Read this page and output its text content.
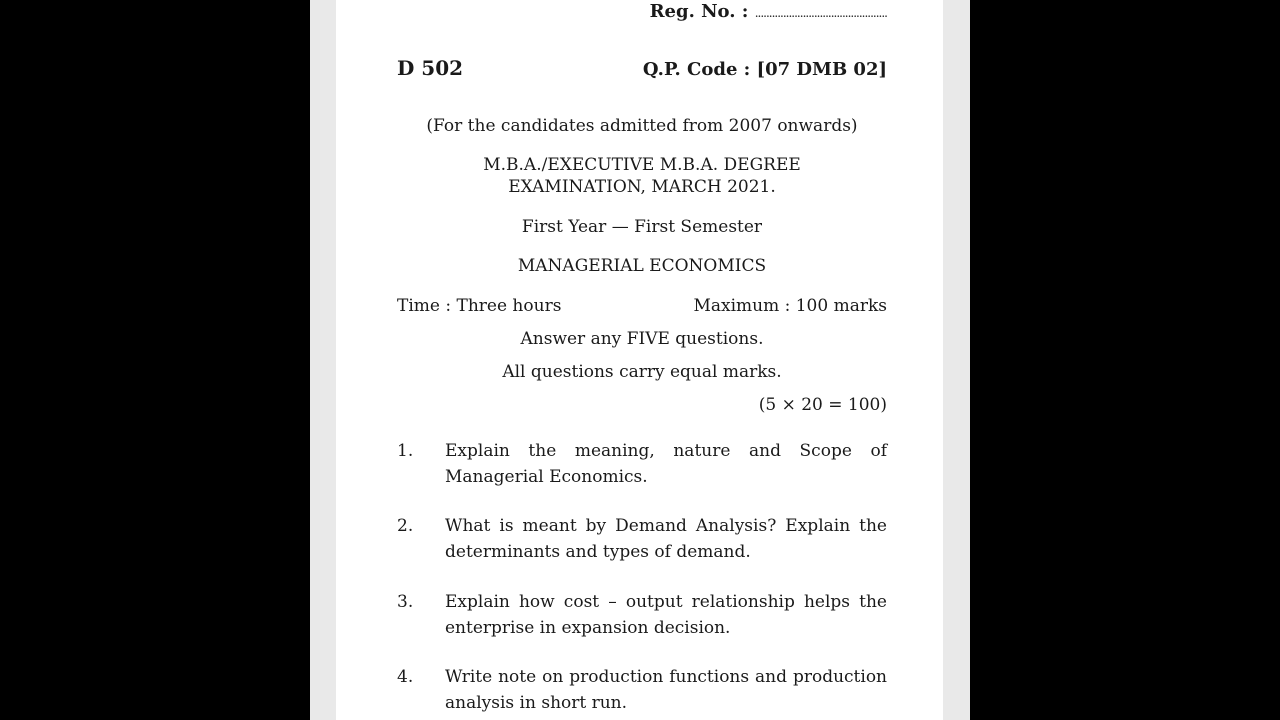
Reg. No. : ...............................................
D 502	Q.P. Code : [07 DMB 02]
(For the candidates admitted from 2007 onwards)
M.B.A./EXECUTIVE M.B.A. DEGREE
EXAMINATION, MARCH 2021.
First Year — First Semester
MANAGERIAL ECONOMICS
Time : Three hours	Maximum : 100 marks
Answer any FIVE questions.
All questions carry equal marks.
(5 × 20 = 100)
1. Explain the meaning, nature and Scope of
Managerial Economics.
2. What is meant by Demand Analysis? Explain the
determinants and types of demand.
3. Explain how cost – output relationship helps the
enterprise in expansion decision.
4. Write note on production functions and production
analysis in short run.
